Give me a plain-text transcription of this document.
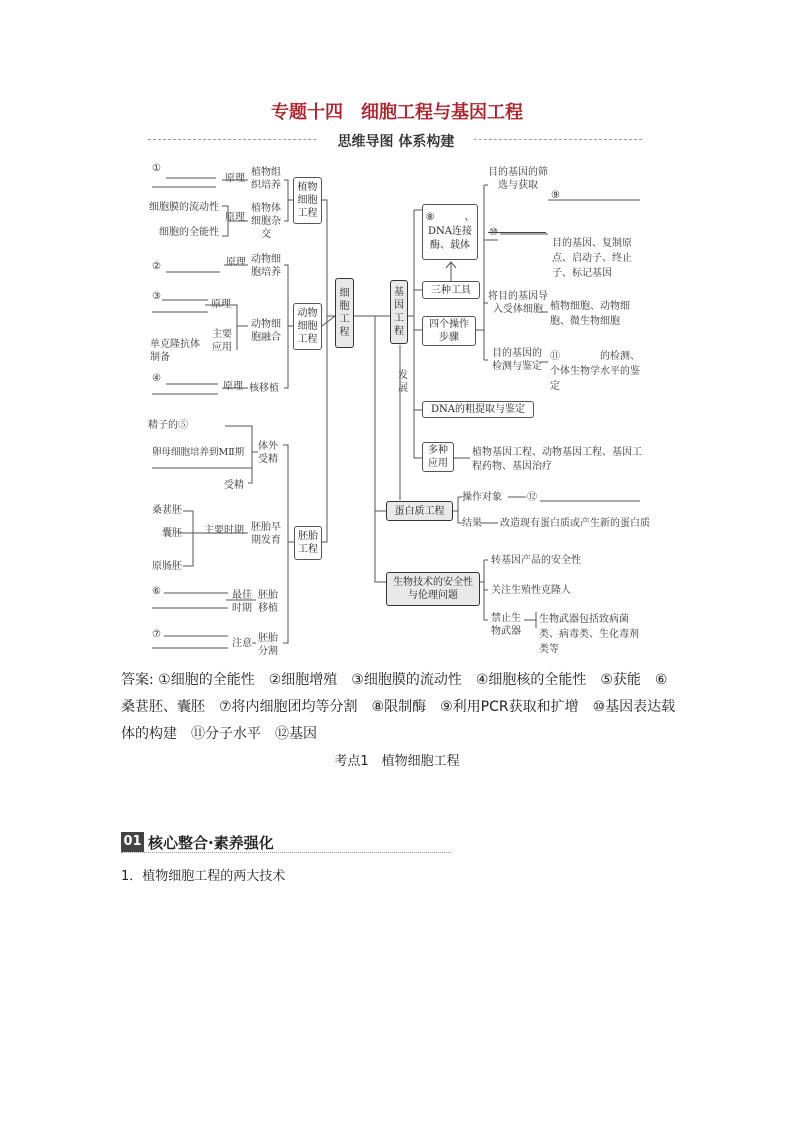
专题十四　细胞工程与基因工程
思维导图 体系构建
①
原理
植物组织培养
细胞膜的流动性
细胞的全能性
原理
植物体细胞杂交
植物细胞工程
②	原理 动物细胞培养
③
原理
主要应用
单克隆抗体制备
动物细胞融合
④
原理 核移植
动物细胞工程
精子的⑤
卵母细胞培养到MⅡ期
体外受精
受精
桑葚胚
囊胚
原肠胚
主要时期 胚胎早期发育
⑥	最佳时期
胚胎移植
⑦
注意 胚胎分割
胚胎工程
细胞工程
基因工程
⑧　　　、DNA连接酶、载体
三种工具
四个操作步骤
目的基因的筛选与获取
⑨
⑩
目的基因、复制原点、启动子、终止子、标记基因
将目的基因导入受体细胞 植物细胞、动物细胞、微生物细胞
目的基因的检测与鉴定
⑪　　　　的检测、个体生物学水平的鉴定
发展
DNA的粗提取与鉴定
多种应用
植物基因工程、动物基因工程、基因工程药物、基因治疗
蛋白质工程
操作对象	⑫
结果 改造现有蛋白质或产生新的蛋白质
生物技术的安全性与伦理问题
转基因产品的安全性
关注生殖性克隆人
禁止生物武器
生物武器包括致病菌类、病毒类、生化毒剂类等
答案: ①细胞的全能性　②细胞增殖　③细胞膜的流动性　④细胞核的全能性　⑤获能　⑥桑葚胚、囊胚　⑦将内细胞团均等分割　⑧限制酶　⑨利用PCR获取和扩增　⑩基因表达载体的构建　⑪分子水平　⑫基因
考点1　植物细胞工程
01 核心整合·素养强化
1．植物细胞工程的两大技术
